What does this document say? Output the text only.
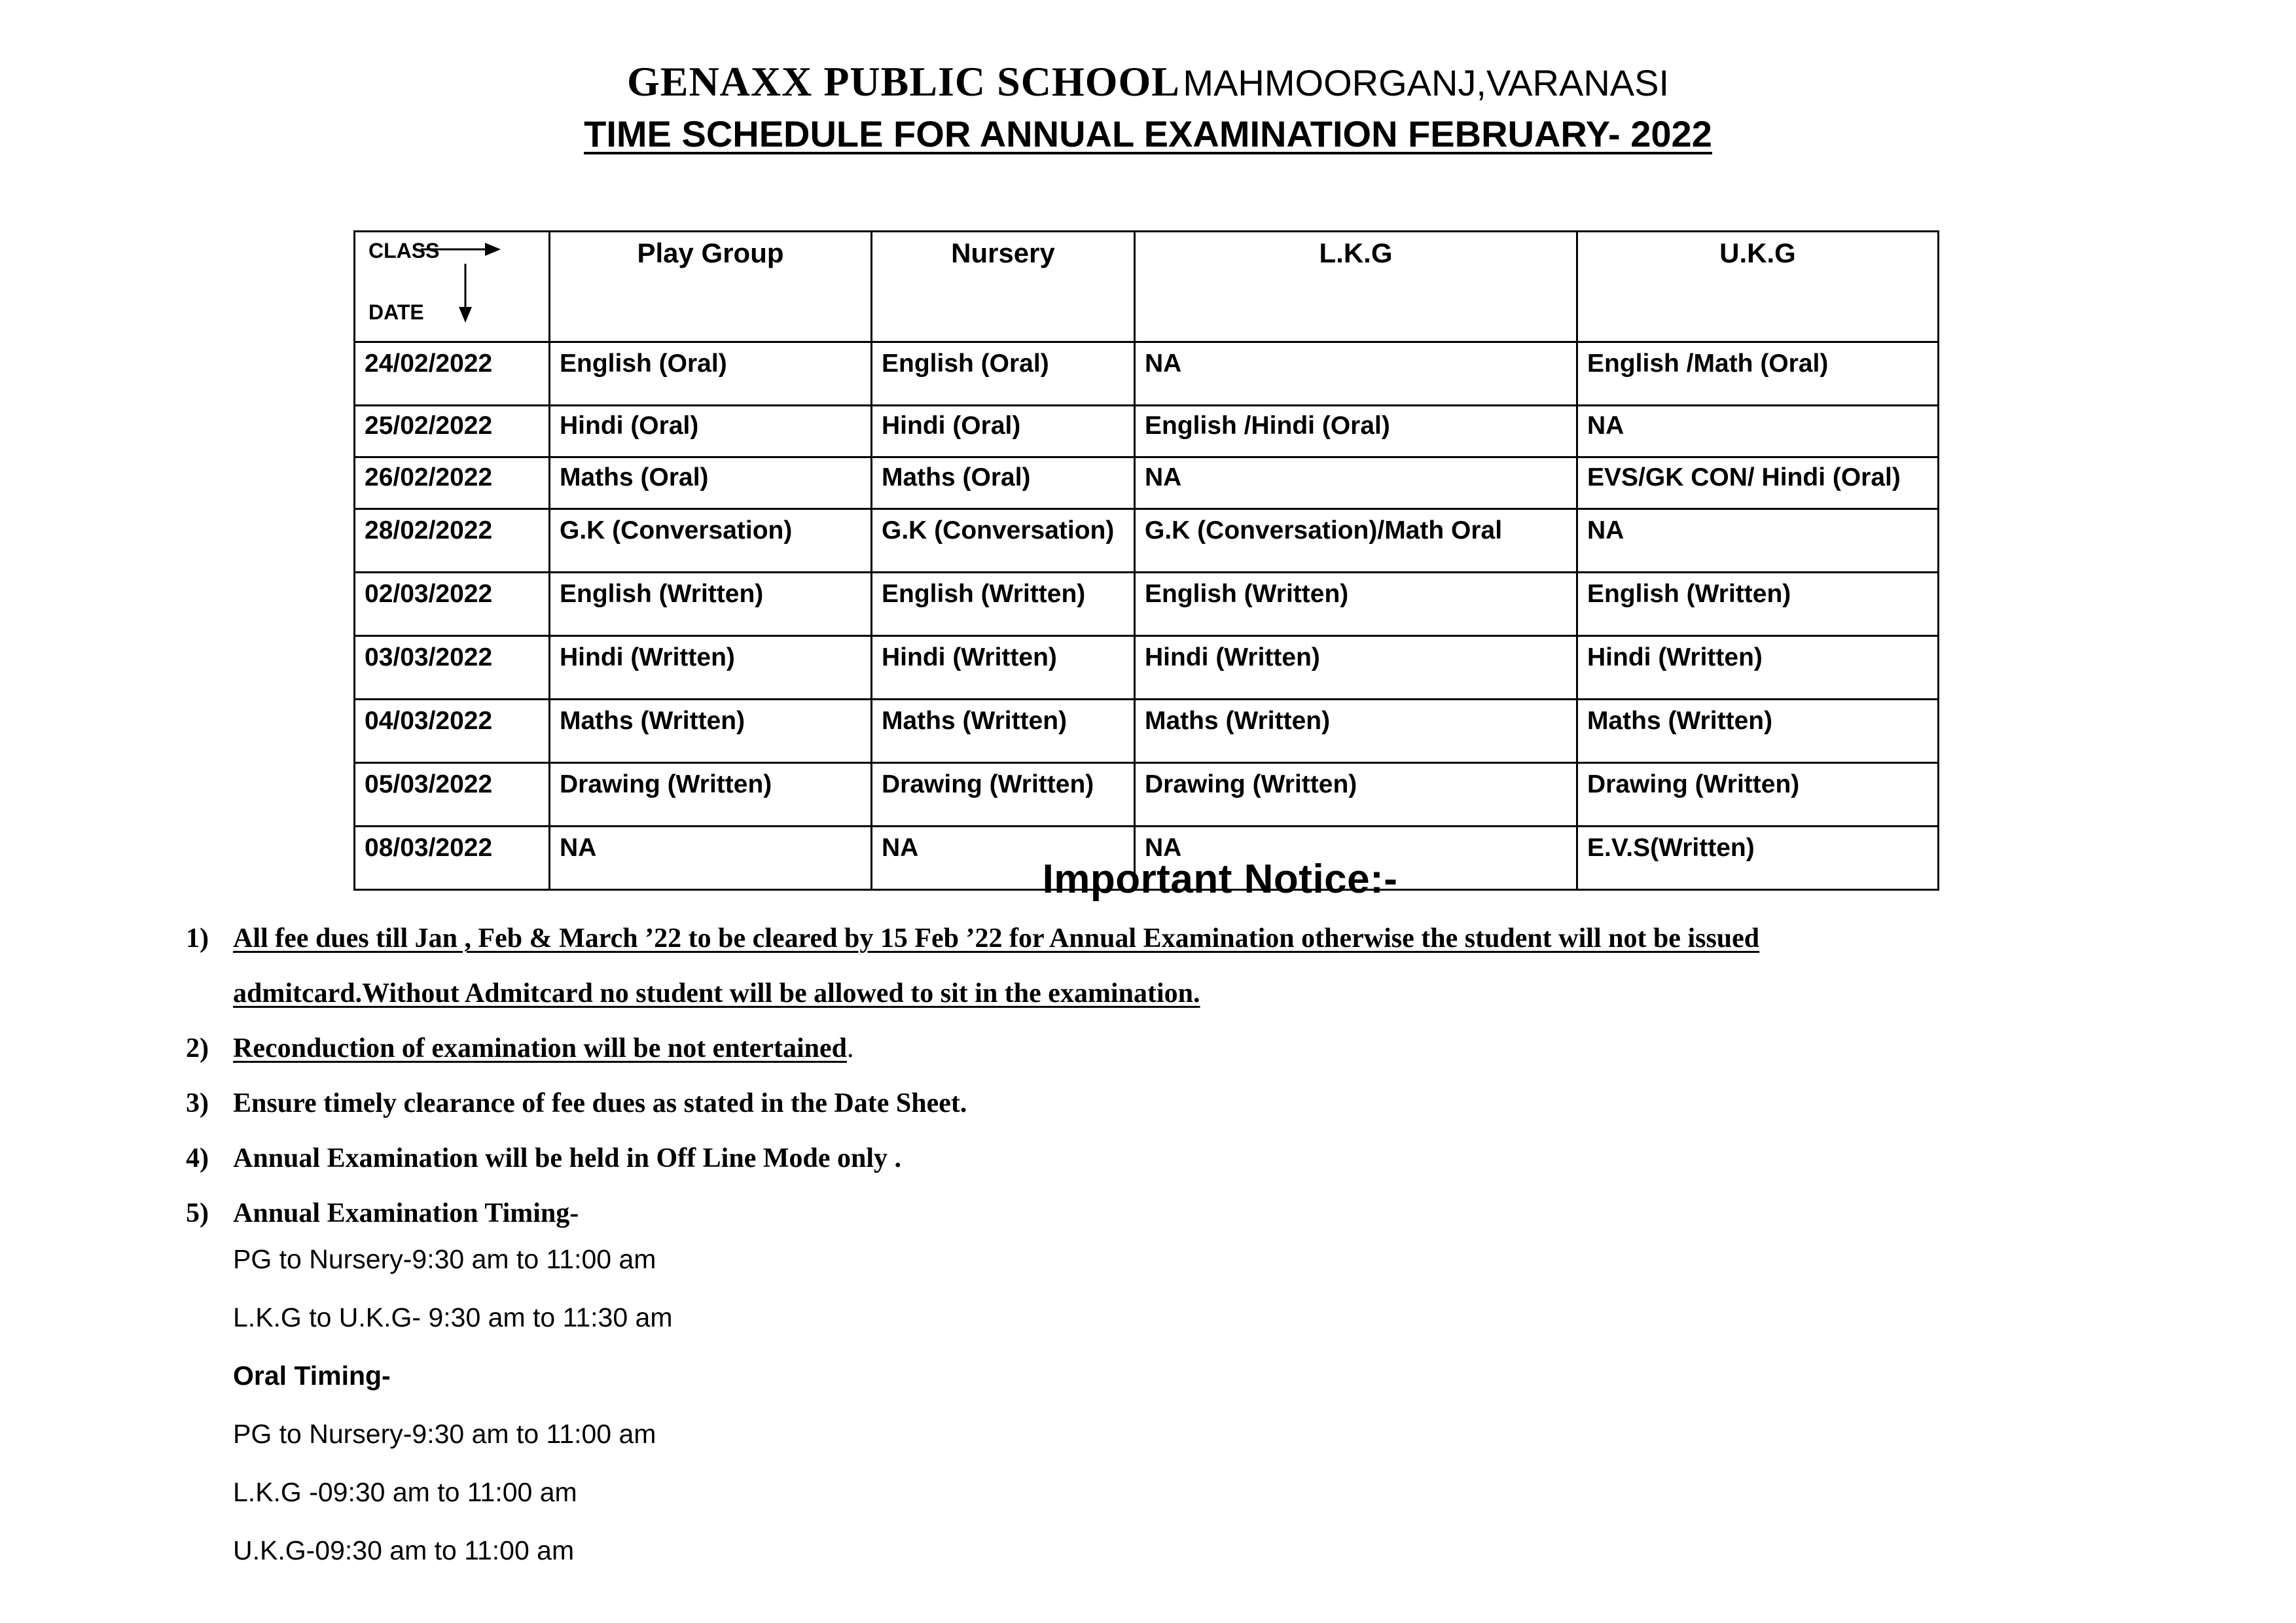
GENAXX PUBLIC SCHOOL MAHMOORGANJ,VARANASI
TIME SCHEDULE FOR ANNUAL EXAMINATION FEBRUARY- 2022
CLASS
DATE	Play Group	Nursery	L.K.G	U.K.G
24/02/2022	English (Oral)	English (Oral)	NA	English /Math (Oral)
25/02/2022	Hindi (Oral)	Hindi (Oral)	English /Hindi (Oral)	NA
26/02/2022	Maths (Oral)	Maths (Oral)	NA	EVS/GK CON/ Hindi (Oral)
28/02/2022	G.K (Conversation)	G.K (Conversation)	G.K (Conversation)/Math Oral	NA
02/03/2022	English (Written)	English (Written)	English (Written)	English (Written)
03/03/2022	Hindi (Written)	Hindi (Written)	Hindi (Written)	Hindi (Written)
04/03/2022	Maths (Written)	Maths (Written)	Maths (Written)	Maths (Written)
05/03/2022	Drawing (Written)	Drawing (Written)	Drawing (Written)	Drawing (Written)
08/03/2022	NA	NA	NA	E.V.S(Written)
Important Notice:-
1) All fee dues till Jan , Feb & March ’22 to be cleared by 15 Feb ’22 for Annual Examination otherwise the student will not be issued
admitcard.Without Admitcard no student will be allowed to sit in the examination.
2) Reconduction of examination will be not entertained.
3) Ensure timely clearance of fee dues as stated in the Date Sheet.
4) Annual Examination will be held in Off Line Mode only .
5) Annual Examination Timing-
PG to Nursery-9:30 am to 11:00 am
L.K.G to U.K.G- 9:30 am to 11:30 am
Oral Timing-
PG to Nursery-9:30 am to 11:00 am
L.K.G -09:30 am to 11:00 am
U.K.G-09:30 am to 11:00 am
